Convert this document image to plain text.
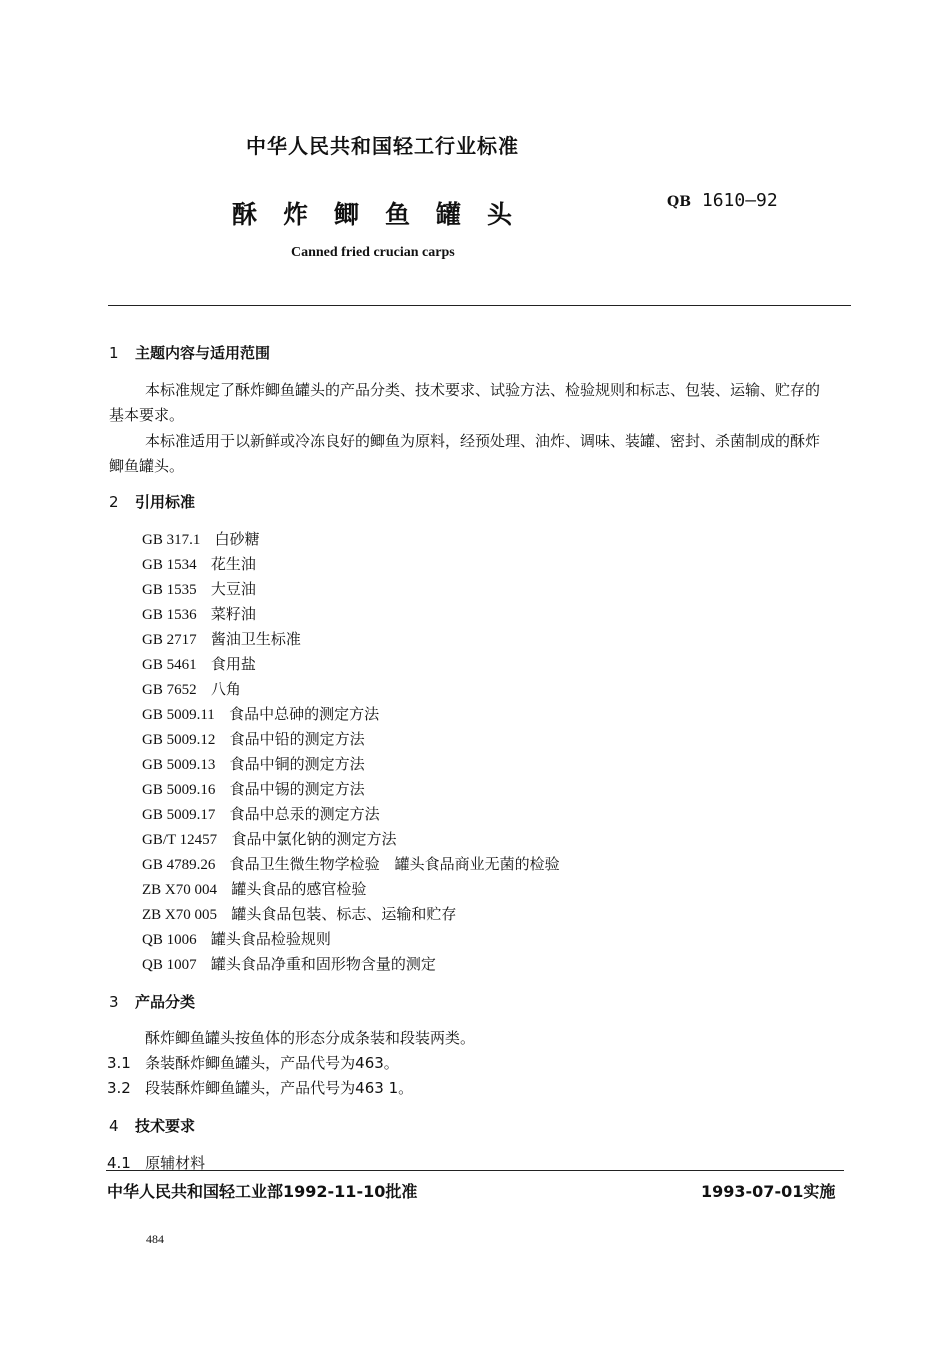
中华人民共和国轻工行业标准
酥炸鲫鱼罐头	QB 1610—92
Canned fried crucian carps
1 主题内容与适用范围
本标准规定了酥炸鲫鱼罐头的产品分类、技术要求、试验方法、检验规则和标志、包装、运输、贮存的
基本要求。
本标准适用于以新鲜或冷冻良好的鲫鱼为原料，经预处理、油炸、调味、装罐、密封、杀菌制成的酥炸
鲫鱼罐头。
2 引用标准
GB 317.1 白砂糖
GB 1534 花生油
GB 1535 大豆油
GB 1536 菜籽油
GB 2717 酱油卫生标准
GB 5461 食用盐
GB 7652 八角
GB 5009.11 食品中总砷的测定方法
GB 5009.12 食品中铅的测定方法
GB 5009.13 食品中铜的测定方法
GB 5009.16 食品中锡的测定方法
GB 5009.17 食品中总汞的测定方法
GB/T 12457 食品中氯化钠的测定方法
GB 4789.26 食品卫生微生物学检验　罐头食品商业无菌的检验
ZB X70 004 罐头食品的感官检验
ZB X70 005 罐头食品包装、标志、运输和贮存
QB 1006 罐头食品检验规则
QB 1007 罐头食品净重和固形物含量的测定
3 产品分类
酥炸鲫鱼罐头按鱼体的形态分成条装和段装两类。
3.1 条装酥炸鲫鱼罐头，产品代号为463。
3.2 段装酥炸鲫鱼罐头，产品代号为463 1。
4 技术要求
4.1 原辅材料
中华人民共和国轻工业部1992-11-10批准	1993-07-01实施
484
